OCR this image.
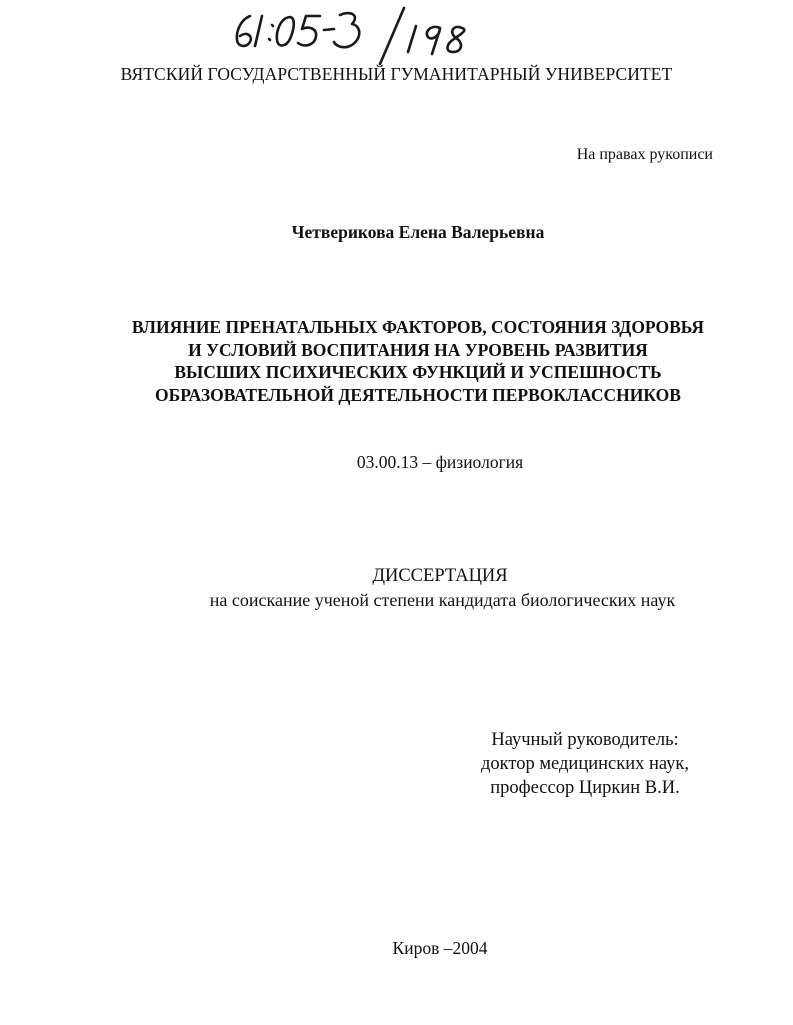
ВЯТСКИЙ ГОСУДАРСТВЕННЫЙ ГУМАНИТАРНЫЙ УНИВЕРСИТЕТ
На правах рукописи
Четверикова Елена Валерьевна
ВЛИЯНИЕ ПРЕНАТАЛЬНЫХ ФАКТОРОВ, СОСТОЯНИЯ ЗДОРОВЬЯ
И УСЛОВИЙ ВОСПИТАНИЯ НА УРОВЕНЬ РАЗВИТИЯ
ВЫСШИХ ПСИХИЧЕСКИХ ФУНКЦИЙ И УСПЕШНОСТЬ
ОБРАЗОВАТЕЛЬНОЙ ДЕЯТЕЛЬНОСТИ ПЕРВОКЛАССНИКОВ
03.00.13 – физиология
ДИССЕРТАЦИЯ
на соискание ученой степени кандидата биологических наук
Научный руководитель:
доктор медицинских наук,
профессор Циркин В.И.
Киров –2004
